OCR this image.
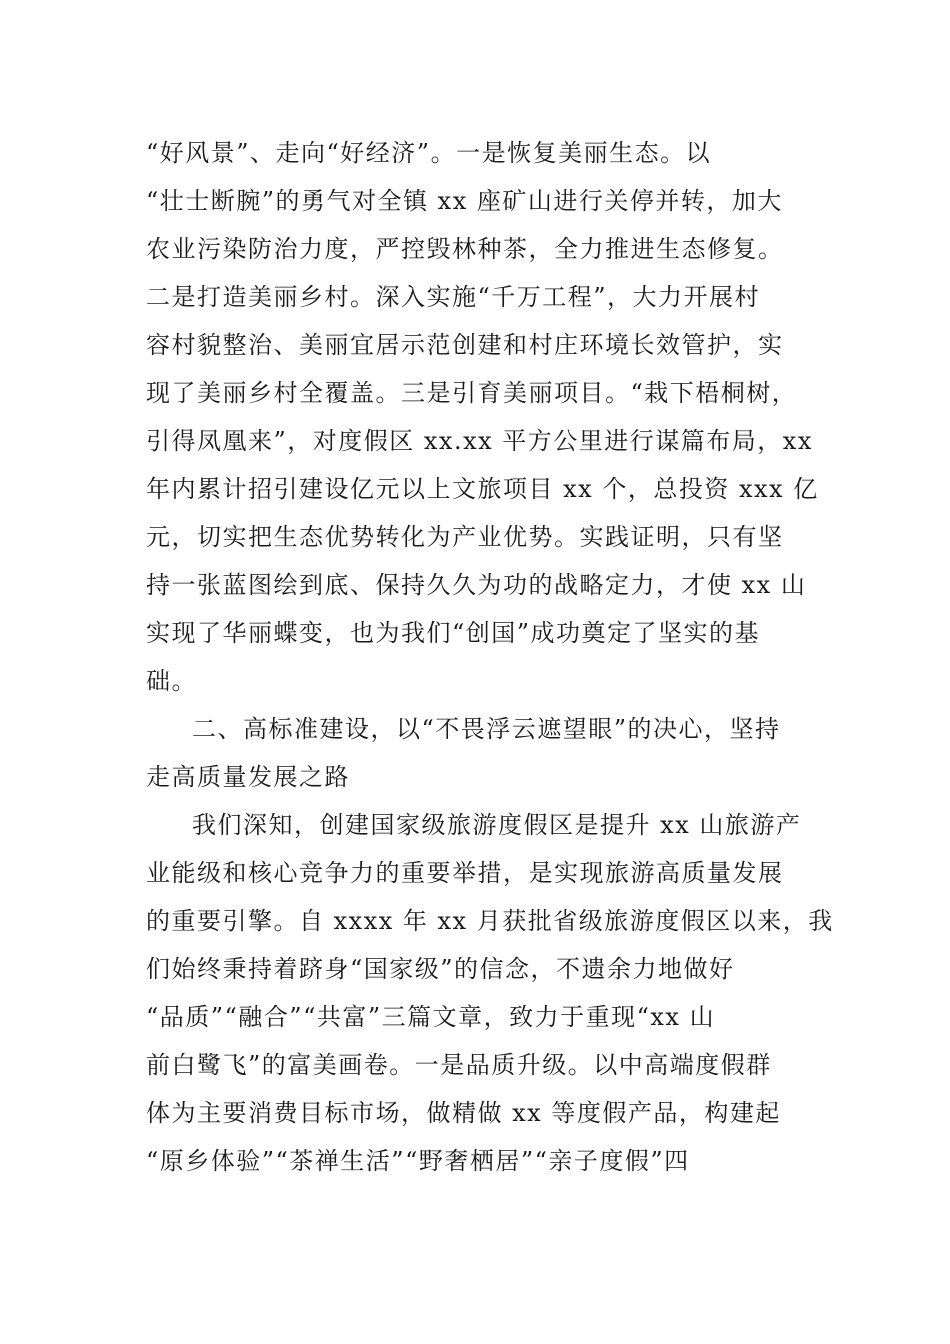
“好风景”、走向“好经济”。一是恢复美丽生态。以
“壮士断腕”的勇气对全镇 xx 座矿山进行关停并转，加大
农业污染防治力度，严控毁林种茶，全力推进生态修复。
二是打造美丽乡村。深入实施“千万工程”，大力开展村
容村貌整治、美丽宜居示范创建和村庄环境长效管护，实
现了美丽乡村全覆盖。三是引育美丽项目。“栽下梧桐树，
引得凤凰来”，对度假区 xx.xx 平方公里进行谋篇布局，xx
年内累计招引建设亿元以上文旅项目 xx 个，总投资 xxx 亿
元，切实把生态优势转化为产业优势。实践证明，只有坚
持一张蓝图绘到底、保持久久为功的战略定力，才使 xx 山
实现了华丽蝶变，也为我们“创国”成功奠定了坚实的基
础。
二、高标准建设，以“不畏浮云遮望眼”的决心，坚持
走高质量发展之路
我们深知，创建国家级旅游度假区是提升 xx 山旅游产
业能级和核心竞争力的重要举措，是实现旅游高质量发展
的重要引擎。自 xxxx 年 xx 月获批省级旅游度假区以来，我
们始终秉持着跻身“国家级”的信念，不遗余力地做好
“品质”“融合”“共富”三篇文章，致力于重现“xx 山
前白鹭飞”的富美画卷。一是品质升级。以中高端度假群
体为主要消费目标市场，做精做 xx 等度假产品，构建起
“原乡体验”“茶禅生活”“野奢栖居”“亲子度假”四
